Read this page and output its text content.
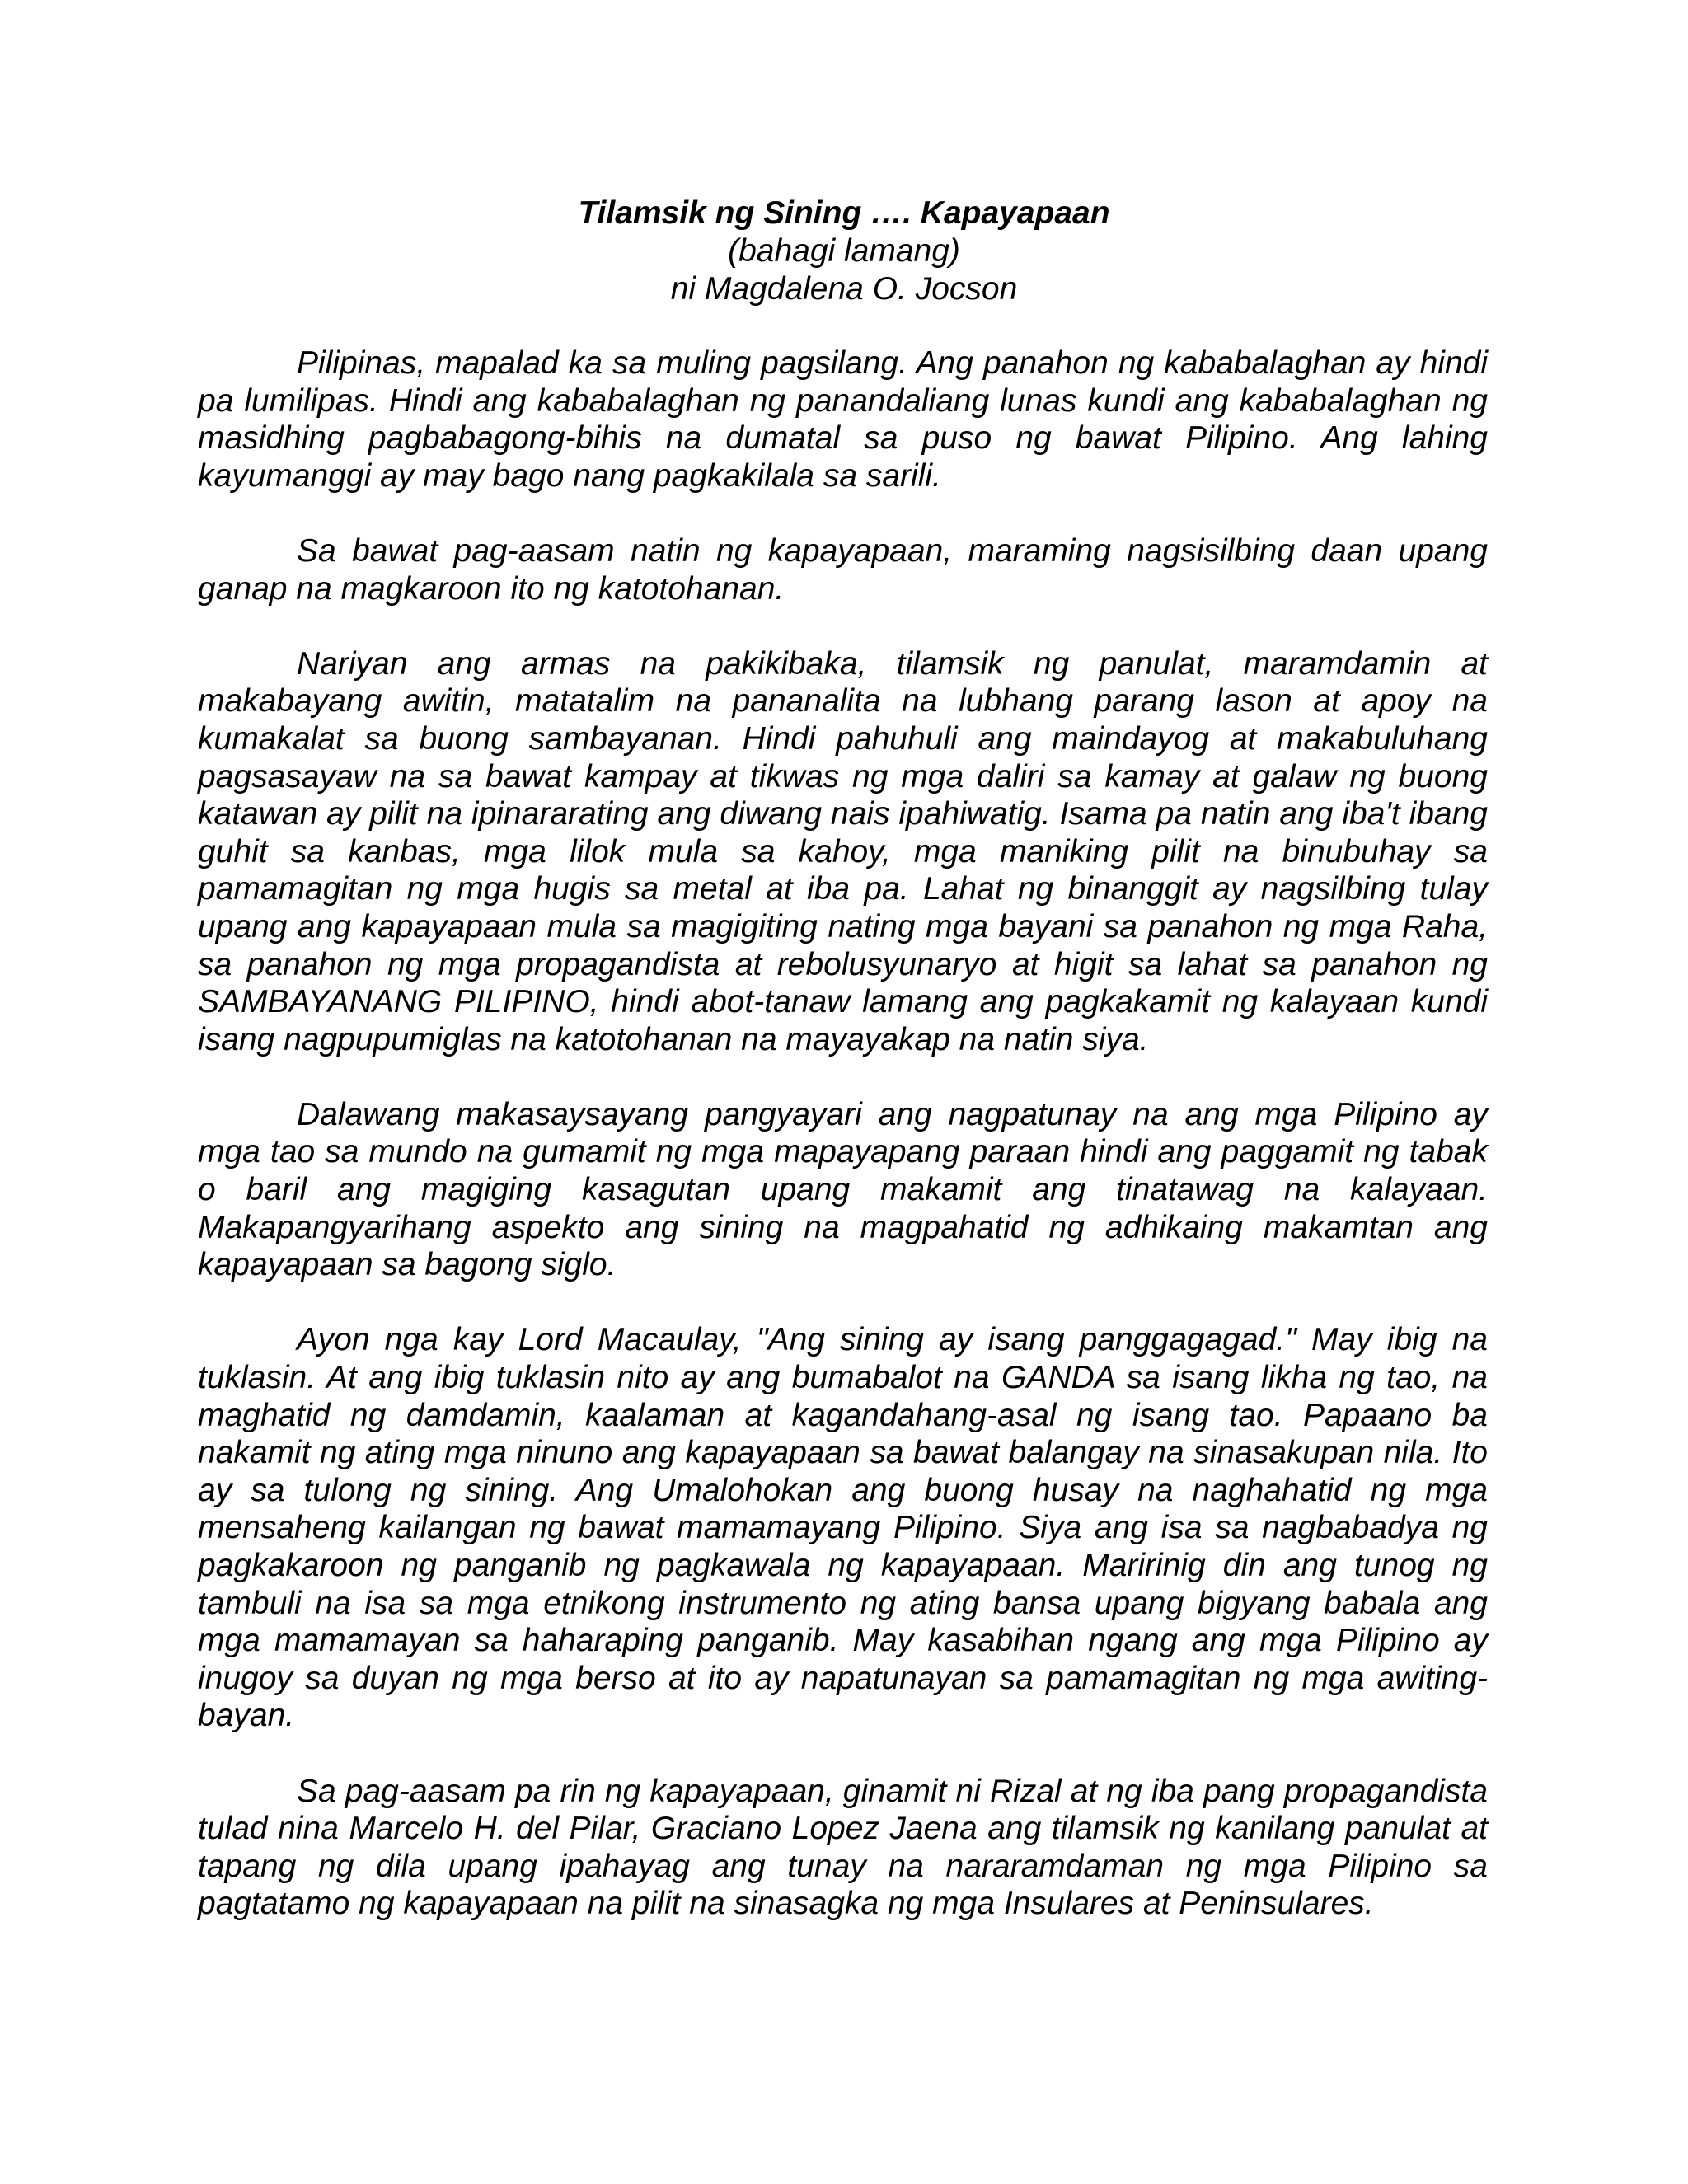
Tilamsik ng Sining …. Kapayapaan
(bahagi lamang)
ni Magdalena O. Jocson

Pilipinas, mapalad ka sa muling pagsilang. Ang panahon ng kababalaghan ay hindi pa lumilipas. Hindi ang kababalaghan ng panandaliang lunas kundi ang kababalaghan ng masidhing pagbabagong-bihis na dumatal sa puso ng bawat Pilipino. Ang lahing kayumanggi ay may bago nang pagkakilala sa sarili.

Sa bawat pag-aasam natin ng kapayapaan, maraming nagsisilbing daan upang ganap na magkaroon ito ng katotohanan.

Nariyan ang armas na pakikibaka, tilamsik ng panulat, maramdamin at makabayang awitin, matatalim na pananalita na lubhang parang lason at apoy na kumakalat sa buong sambayanan. Hindi pahuhuli ang maindayog at makabuluhang pagsasayaw na sa bawat kampay at tikwas ng mga daliri sa kamay at galaw ng buong katawan ay pilit na ipinararating ang diwang nais ipahiwatig. Isama pa natin ang iba't ibang guhit sa kanbas, mga lilok mula sa kahoy, mga maniking pilit na binubuhay sa pamamagitan ng mga hugis sa metal at iba pa. Lahat ng binanggit ay nagsilbing tulay upang ang kapayapaan mula sa magigiting nating mga bayani sa panahon ng mga Raha, sa panahon ng mga propagandista at rebolusyunaryo at higit sa lahat sa panahon ng SAMBAYANANG PILIPINO, hindi abot-tanaw lamang ang pagkakamit ng kalayaan kundi isang nagpupumiglas na katotohanan na mayayakap na natin siya.

Dalawang makasaysayang pangyayari ang nagpatunay na ang mga Pilipino ay mga tao sa mundo na gumamit ng mga mapayapang paraan hindi ang paggamit ng tabak o baril ang magiging kasagutan upang makamit ang tinatawag na kalayaan. Makapangyarihang aspekto ang sining na magpahatid ng adhikaing makamtan ang kapayapaan sa bagong siglo.

Ayon nga kay Lord Macaulay, "Ang sining ay isang panggagagad." May ibig na tuklasin. At ang ibig tuklasin nito ay ang bumabalot na GANDA sa isang likha ng tao, na maghatid ng damdamin, kaalaman at kagandahang-asal ng isang tao. Papaano ba nakamit ng ating mga ninuno ang kapayapaan sa bawat balangay na sinasakupan nila. Ito ay sa tulong ng sining. Ang Umalohokan ang buong husay na naghahatid ng mga mensaheng kailangan ng bawat mamamayang Pilipino. Siya ang isa sa nagbabadya ng pagkakaroon ng panganib ng pagkawala ng kapayapaan. Maririnig din ang tunog ng tambuli na isa sa mga etnikong instrumento ng ating bansa upang bigyang babala ang mga mamamayan sa haharaping panganib. May kasabihan ngang ang mga Pilipino ay inugoy sa duyan ng mga berso at ito ay napatunayan sa pamamagitan ng mga awiting-bayan.

Sa pag-aasam pa rin ng kapayapaan, ginamit ni Rizal at ng iba pang propagandista tulad nina Marcelo H. del Pilar, Graciano Lopez Jaena ang tilamsik ng kanilang panulat at tapang ng dila upang ipahayag ang tunay na nararamdaman ng mga Pilipino sa pagtatamo ng kapayapaan na pilit na sinasagka ng mga Insulares at Peninsulares.
